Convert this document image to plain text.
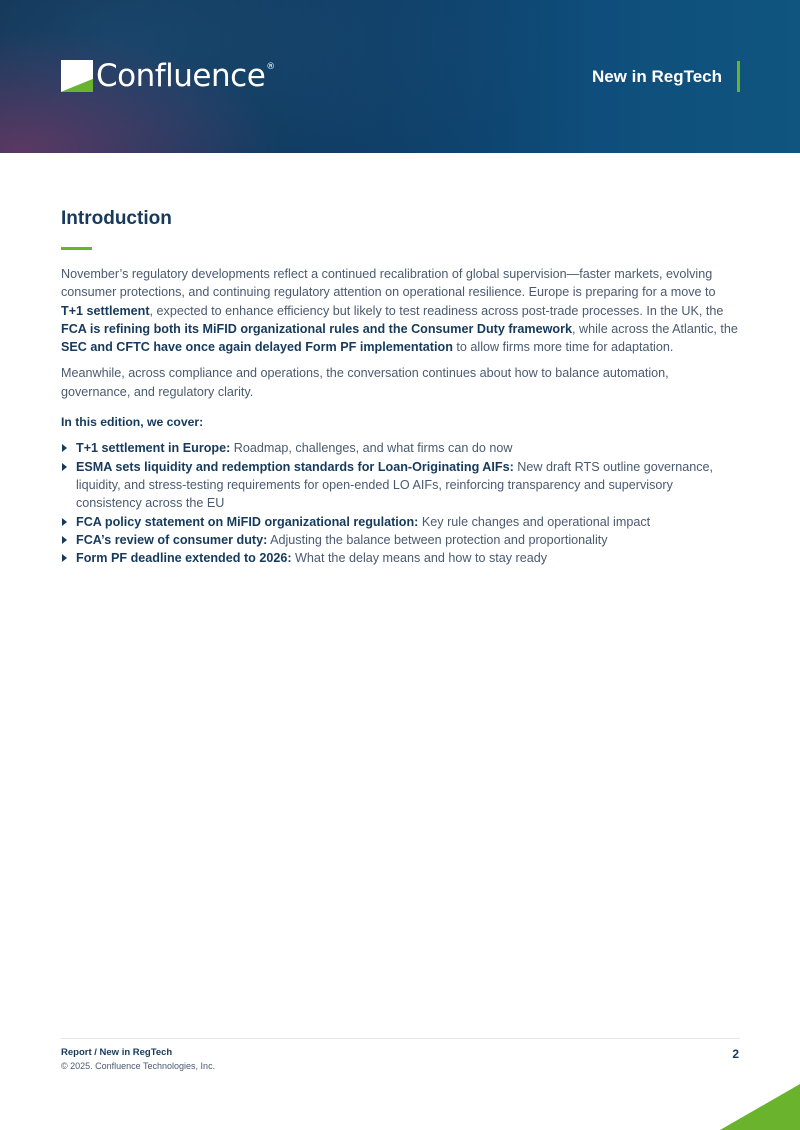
Confluence®	New in RegTech
Introduction

November’s regulatory developments reflect a continued recalibration of global supervision—faster markets, evolving consumer protections, and continuing regulatory attention on operational resilience. Europe is preparing for a move to T+1 settlement, expected to enhance efficiency but likely to test readiness across post-trade processes. In the UK, the FCA is refining both its MiFID organizational rules and the Consumer Duty framework, while across the Atlantic, the SEC and CFTC have once again delayed Form PF implementation to allow firms more time for adaptation.

Meanwhile, across compliance and operations, the conversation continues about how to balance automation, governance, and regulatory clarity.

In this edition, we cover:
T+1 settlement in Europe: Roadmap, challenges, and what firms can do now
ESMA sets liquidity and redemption standards for Loan-Originating AIFs: New draft RTS outline governance, liquidity, and stress-testing requirements for open-ended LO AIFs, reinforcing transparency and supervisory consistency across the EU
FCA policy statement on MiFID organizational regulation: Key rule changes and operational impact
FCA’s review of consumer duty: Adjusting the balance between protection and proportionality
Form PF deadline extended to 2026: What the delay means and how to stay ready
Report / New in RegTech
© 2025. Confluence Technologies, Inc.
2
